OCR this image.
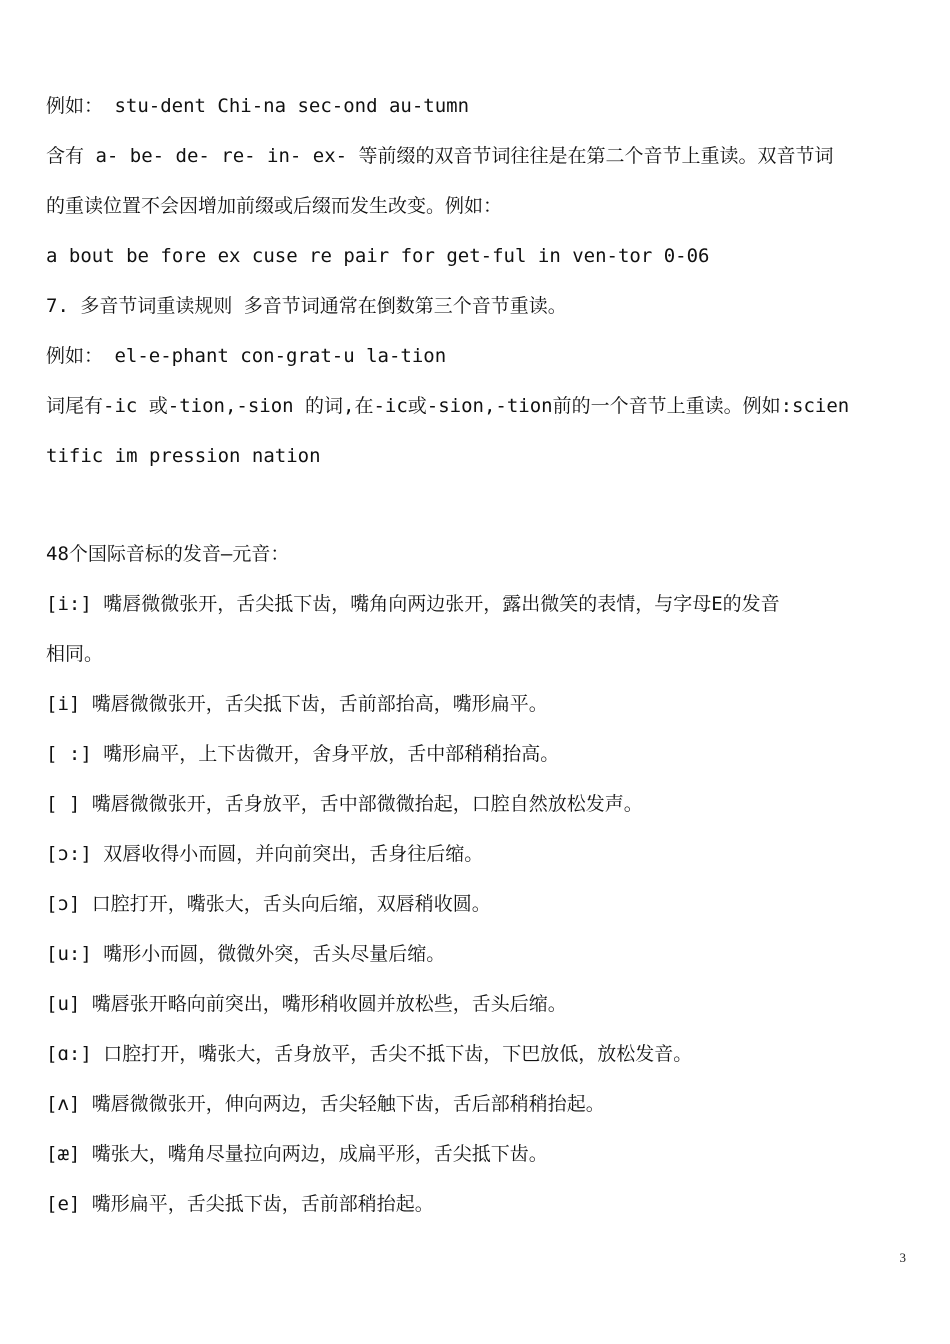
例如： stu-dent Chi-na sec-ond au-tumn
含有 a- be- de- re- in- ex- 等前缀的双音节词往往是在第二个音节上重读。双音节词
的重读位置不会因增加前缀或后缀而发生改变。例如：
a bout be fore ex cuse re pair for get-ful in ven-tor 0-06
7. 多音节词重读规则 多音节词通常在倒数第三个音节重读。
例如： el-e-phant con-grat-u la-tion
词尾有-ic 或-tion,-sion 的词,在-ic或-sion,-tion前的一个音节上重读。例如:scien
tific im pression nation
48个国际音标的发音—元音：
[i:] 嘴唇微微张开，舌尖抵下齿，嘴角向两边张开，露出微笑的表情，与字母E的发音
相同。
[i] 嘴唇微微张开，舌尖抵下齿，舌前部抬高，嘴形扁平。
[ :] 嘴形扁平，上下齿微开，舍身平放，舌中部稍稍抬高。
[ ] 嘴唇微微张开，舌身放平，舌中部微微抬起，口腔自然放松发声。
[ɔ:] 双唇收得小而圆，并向前突出，舌身往后缩。
[ɔ] 口腔打开，嘴张大，舌头向后缩，双唇稍收圆。
[u:] 嘴形小而圆，微微外突，舌头尽量后缩。
[u] 嘴唇张开略向前突出，嘴形稍收圆并放松些，舌头后缩。
[ɑ:] 口腔打开，嘴张大，舌身放平，舌尖不抵下齿，下巴放低，放松发音。
[ʌ] 嘴唇微微张开，伸向两边，舌尖轻触下齿，舌后部稍稍抬起。
[æ] 嘴张大，嘴角尽量拉向两边，成扁平形，舌尖抵下齿。
[e] 嘴形扁平，舌尖抵下齿，舌前部稍抬起。
3
